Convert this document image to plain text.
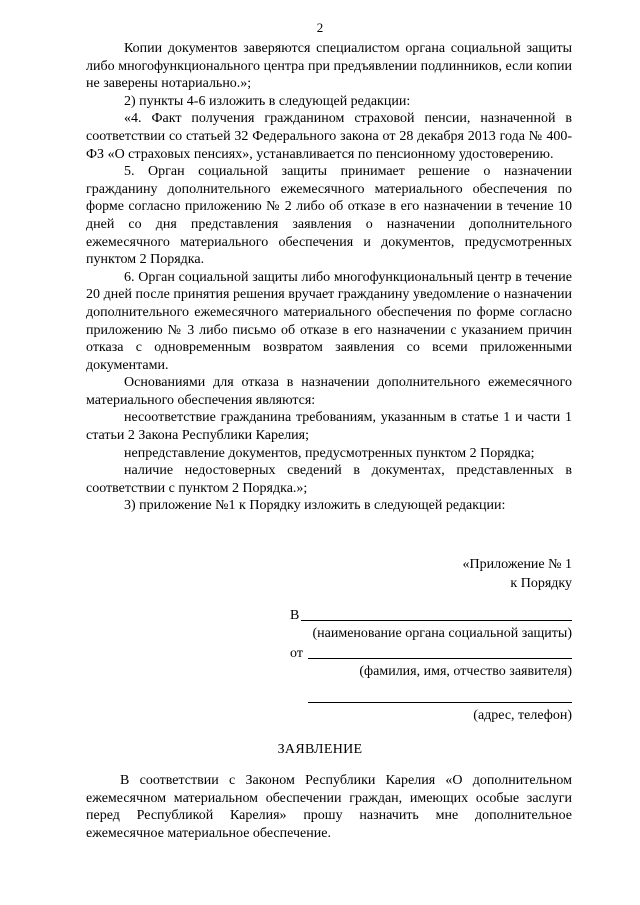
2

Копии документов заверяются специалистом органа социальной защиты либо многофункционального центра при предъявлении подлинников, если копии не заверены нотариально.»;

2) пункты 4-6 изложить в следующей редакции:

«4. Факт получения гражданином страховой пенсии, назначенной в соответствии со статьей 32 Федерального закона от 28 декабря 2013 года № 400-ФЗ «О страховых пенсиях», устанавливается по пенсионному удостоверению.

5. Орган социальной защиты принимает решение о назначении гражданину дополнительного ежемесячного материального обеспечения по форме согласно приложению № 2 либо об отказе в его назначении в течение 10 дней со дня представления заявления о назначении дополнительного ежемесячного материального обеспечения и документов, предусмотренных пунктом 2 Порядка.

6. Орган социальной защиты либо многофункциональный центр в течение 20 дней после принятия решения вручает гражданину уведомление о назначении дополнительного ежемесячного материального обеспечения по форме согласно приложению № 3 либо письмо об отказе в его назначении с указанием причин отказа с одновременным возвратом заявления со всеми приложенными документами.

Основаниями для отказа в назначении дополнительного ежемесячного материального обеспечения являются:

несоответствие гражданина требованиям, указанным в статье 1 и части 1 статьи 2 Закона Республики Карелия;

непредставление документов, предусмотренных пунктом 2 Порядка;

наличие недостоверных сведений в документах, представленных в соответствии с пунктом 2 Порядка.»;

3) приложение №1 к Порядку изложить в следующей редакции:

«Приложение № 1
к Порядку
В
(наименование органа социальной защиты)
от
(фамилия, имя, отчество заявителя)
(адрес, телефон)
ЗАЯВЛЕНИЕ
В соответствии с Законом Республики Карелия «О дополнительном ежемесячном материальном обеспечении граждан, имеющих особые заслуги перед Республикой Карелия» прошу назначить мне дополнительное ежемесячное материальное обеспечение.
